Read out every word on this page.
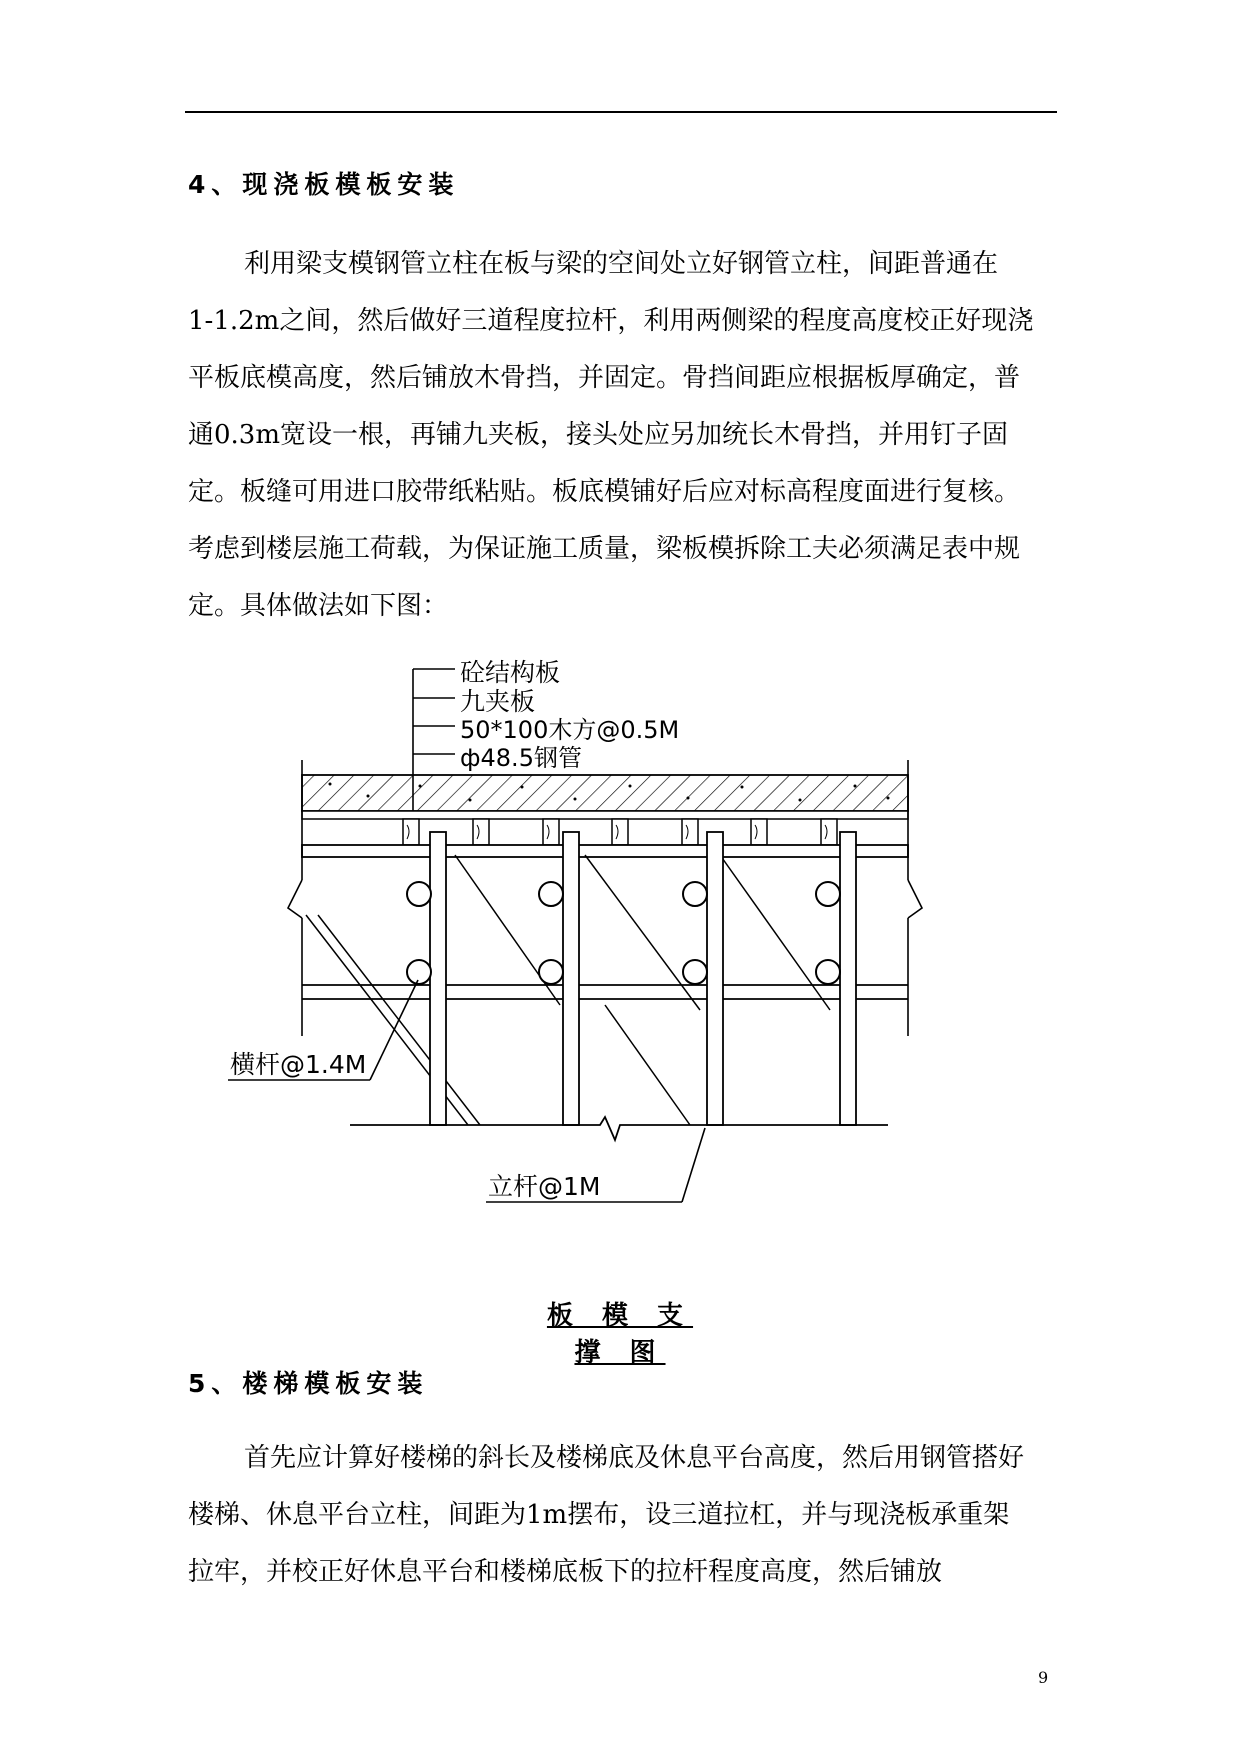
4、现浇板模板安装

利用梁支模钢管立柱在板与梁的空间处立好钢管立柱，间距普通在

1-1.2m之间，然后做好三道程度拉杆，利用两侧梁的程度高度校正好现浇

平板底模高度，然后铺放木骨挡，并固定。骨挡间距应根据板厚确定，普

通0.3m宽设一根，再铺九夹板，接头处应另加统长木骨挡，并用钉子固

定。板缝可用进口胶带纸粘贴。板底模铺好后应对标高程度面进行复核。

考虑到楼层施工荷载，为保证施工质量，梁板模拆除工夫必须满足表中规

定。具体做法如下图：

砼结构板
九夹板
50*100木方@0.5M
ф48.5钢管
横杆@1.4M
立杆@1M
板 模 支 撑 图
5、楼梯模板安装

首先应计算好楼梯的斜长及楼梯底及休息平台高度，然后用钢管搭好

楼梯、休息平台立柱，间距为1m摆布，设三道拉杠，并与现浇板承重架

拉牢，并校正好休息平台和楼梯底板下的拉杆程度高度，然后铺放

9
